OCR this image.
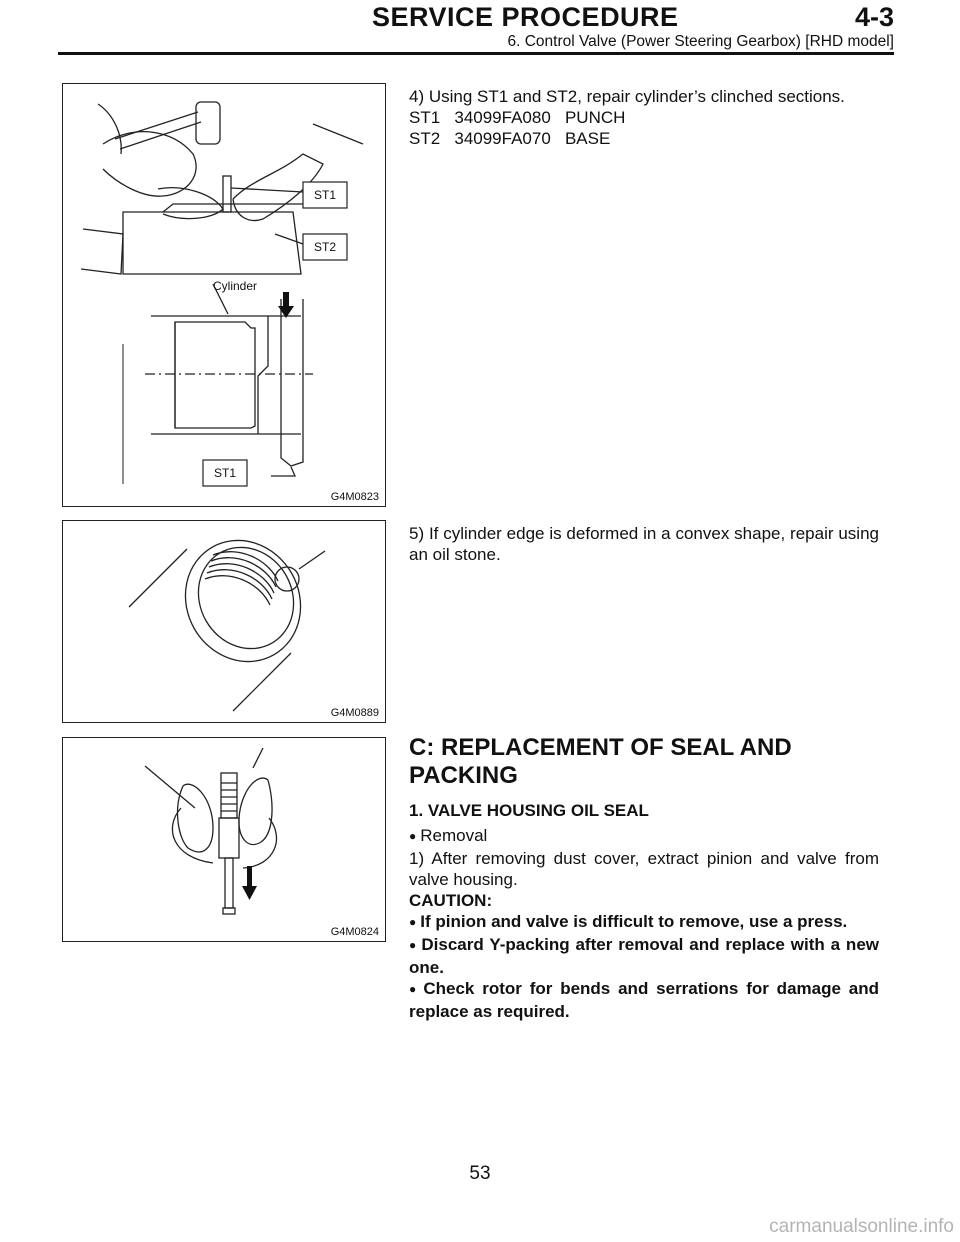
SERVICE PROCEDURE	4-3
6. Control Valve (Power Steering Gearbox) [RHD model]
ST1
ST2
Cylinder
ST1
G4M0823
G4M0889
G4M0824

4) Using ST1 and ST2, repair cylinder’s clinched sections.

ST1 34099FA080 PUNCH

ST2 34099FA070 BASE

5) If cylinder edge is deformed in a convex shape, repair using an oil stone.

C: REPLACEMENT OF SEAL AND PACKING
1. VALVE HOUSING OIL SEAL

● Removal

1) After removing dust cover, extract pinion and valve from valve housing.

CAUTION:

● If pinion and valve is difficult to remove, use a press.

● Discard Y-packing after removal and replace with a new one.

● Check rotor for bends and serrations for damage and replace as required.

53
carmanualsonline.info
